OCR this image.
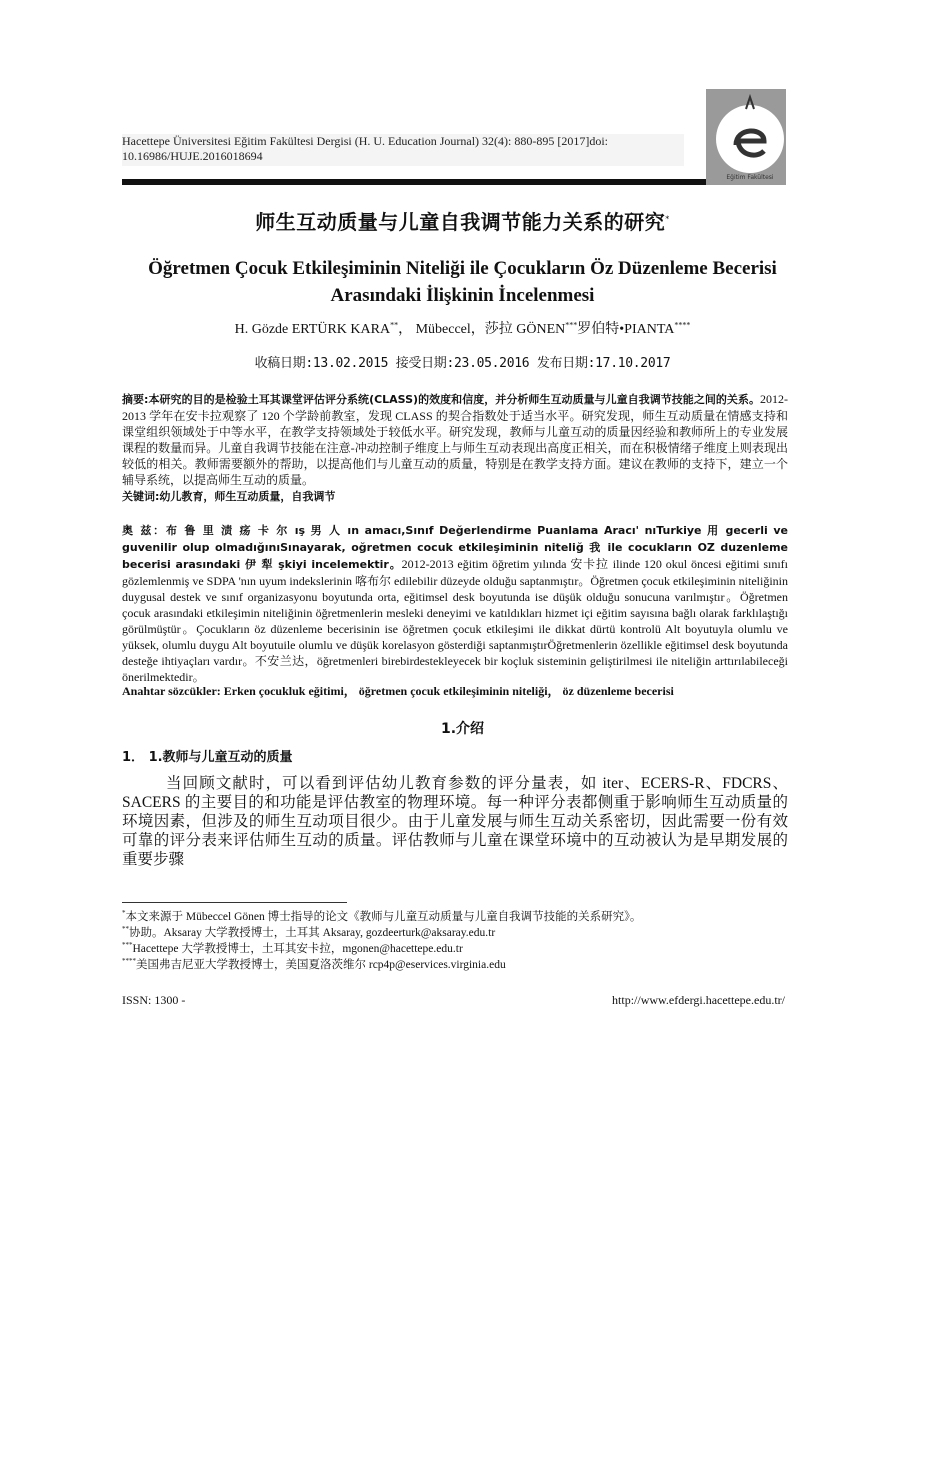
Hacettepe Üniversitesi Eğitim Fakültesi Dergisi (H. U. Education Journal) 32(4): 880-895 [2017]doi:
10.16986/HUJE.2016018694
Eğitim Fakültesi
师生互动质量与儿童自我调节能力关系的研究*
Öğretmen Çocuk Etkileşiminin Niteliği ile Çocukların Öz Düzenleme Becerisi
Arasındaki İlişkinin İncelenmesi
H. Gözde ERTÜRK KARA**， Mübeccel，莎拉 GÖNEN***罗伯特•PIANTA****
收稿日期:13.02.2015 接受日期:23.05.2016 发布日期:17.10.2017
摘要:本研究的目的是检验土耳其课堂评估评分系统(CLASS)的效度和信度，并分析师生互动质量与儿童自我调节技能之间的关系。2012-2013 学年在安卡拉观察了 120 个学龄前教室，发现 CLASS 的契合指数处于适当水平。研究发现，师生互动质量在情感支持和课堂组织领域处于中等水平，在教学支持领域处于较低水平。研究发现，教师与儿童互动的质量因经验和教师所上的专业发展课程的数量而异。儿童自我调节技能在注意-冲动控制子维度上与师生互动表现出高度正相关，而在积极情绪子维度上则表现出较低的相关。教师需要额外的帮助，以提高他们与儿童互动的质量，特别是在教学支持方面。建议在教师的支持下，建立一个辅导系统，以提高师生互动的质量。
关键词:幼儿教育，师生互动质量，自我调节
奥 兹：布 鲁 里 渍 疡 卡 尔 ış 男 人 ın amacı,Sınıf Değerlendirme Puanlama Aracı' nıTurkiye 用 gecerli ve guvenilir olup olmadığınıSınayarak, oğretmen cocuk etkileşiminin niteliğ 我 ile cocukların OZ duzenleme becerisi arasındaki 伊 犁 şkiyi incelemektir。2012-2013 eğitim öğretim yılında 安卡拉 ilinde 120 okul öncesi eğitimi sınıfı gözlemlenmiş ve SDPA 'nın uyum indekslerinin 喀布尔 edilebilir düzeyde olduğu saptanmıştır。Öğretmen çocuk etkileşiminin niteliğinin duygusal destek ve sınıf organizasyonu boyutunda orta, eğitimsel desk boyutunda ise düşük olduğu sonucuna varılmıştır。Öğretmen çocuk arasındaki etkileşimin niteliğinin öğretmenlerin mesleki deneyimi ve katıldıkları hizmet içi eğitim sayısına bağlı olarak farklılaştığı görülmüştür。Çocukların öz düzenleme becerisinin ise öğretmen çocuk etkileşimi ile dikkat dürtü kontrolü Alt boyutuyla olumlu ve yüksek, olumlu duygu Alt boyutuile olumlu ve düşük korelasyon gösterdiği saptanmıştırÖğretmenlerin özellikle eğitimsel desk boyutunda desteğe ihtiyaçları vardır。不安兰达，öğretmenleri birebirdestekleyecek bir koçluk sisteminin geliştirilmesi ile niteliğin arttırılabileceği önerilmektedir。
Anahtar sözcükler: Erken çocukluk eğitimi， öğretmen çocuk etkileşiminin niteliği， öz düzenleme becerisi
1.介绍
1． 1.教师与儿童互动的质量
当回顾文献时，可以看到评估幼儿教育参数的评分量表，如 iter、ECERS-R、FDCRS、SACERS 的主要目的和功能是评估教室的物理环境。每一种评分表都侧重于影响师生互动质量的环境因素，但涉及的师生互动项目很少。由于儿童发展与师生互动关系密切，因此需要一份有效可靠的评分表来评估师生互动的质量。评估教师与儿童在课堂环境中的互动被认为是早期发展的重要步骤
*本文来源于 Mübeccel Gönen 博士指导的论文《教师与儿童互动质量与儿童自我调节技能的关系研究》。
**协助。Aksaray 大学教授博士，土耳其 Aksaray, gozdeerturk@aksaray.edu.tr
***Hacettepe 大学教授博士，土耳其安卡拉，mgonen@hacettepe.edu.tr
****美国弗吉尼亚大学教授博士，美国夏洛茨维尔 rcp4p@eservices.virginia.edu
ISSN: 1300 -	http://www.efdergi.hacettepe.edu.tr/
